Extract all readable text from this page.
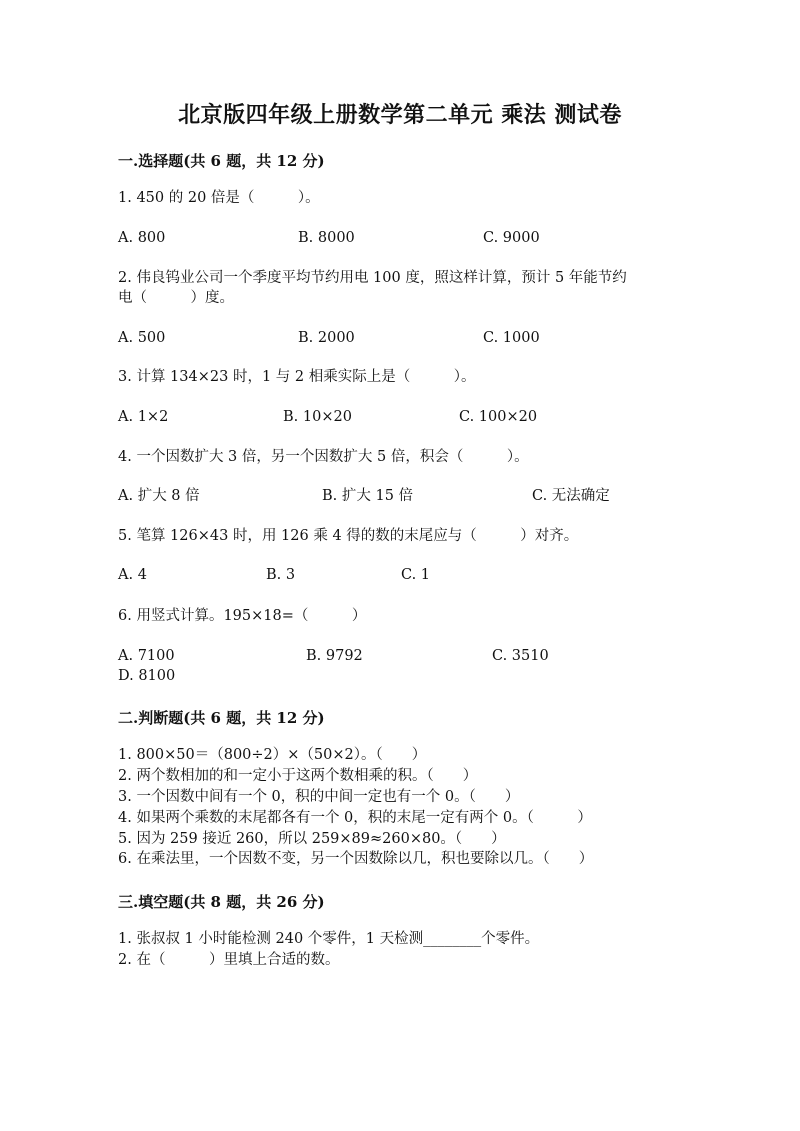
北京版四年级上册数学第二单元 乘法 测试卷
一.选择题(共 6 题，共 12 分)
1. 450 的 20 倍是（　　　）。
A. 800	B. 8000	C. 9000
2. 伟良钨业公司一个季度平均节约用电 100 度，照这样计算，预计 5 年能节约
电（　　　）度。
A. 500	B. 2000	C. 1000
3. 计算 134×23 时，1 与 2 相乘实际上是（　　　）。
A. 1×2	B. 10×20	C. 100×20
4. 一个因数扩大 3 倍，另一个因数扩大 5 倍，积会（　　　）。
A. 扩大 8 倍	B. 扩大 15 倍	C. 无法确定
5. 笔算 126×43 时，用 126 乘 4 得的数的末尾应与（　　　）对齐。
A. 4	B. 3	C. 1
6. 用竖式计算。195×18=（　　　）
A. 7100	B. 9792	C. 3510
D. 8100
二.判断题(共 6 题，共 12 分)
1. 800×50＝（800÷2）×（50×2）。（　　）
2. 两个数相加的和一定小于这两个数相乘的积。（　　）
3. 一个因数中间有一个 0，积的中间一定也有一个 0。（　　）
4. 如果两个乘数的末尾都各有一个 0，积的末尾一定有两个 0。（　　　）
5. 因为 259 接近 260，所以 259×89≈260×80。（　　）
6. 在乘法里，一个因数不变，另一个因数除以几，积也要除以几。（　　）
三.填空题(共 8 题，共 26 分)
1. 张叔叔 1 小时能检测 240 个零件，1 天检测________个零件。
2. 在（　　　）里填上合适的数。
